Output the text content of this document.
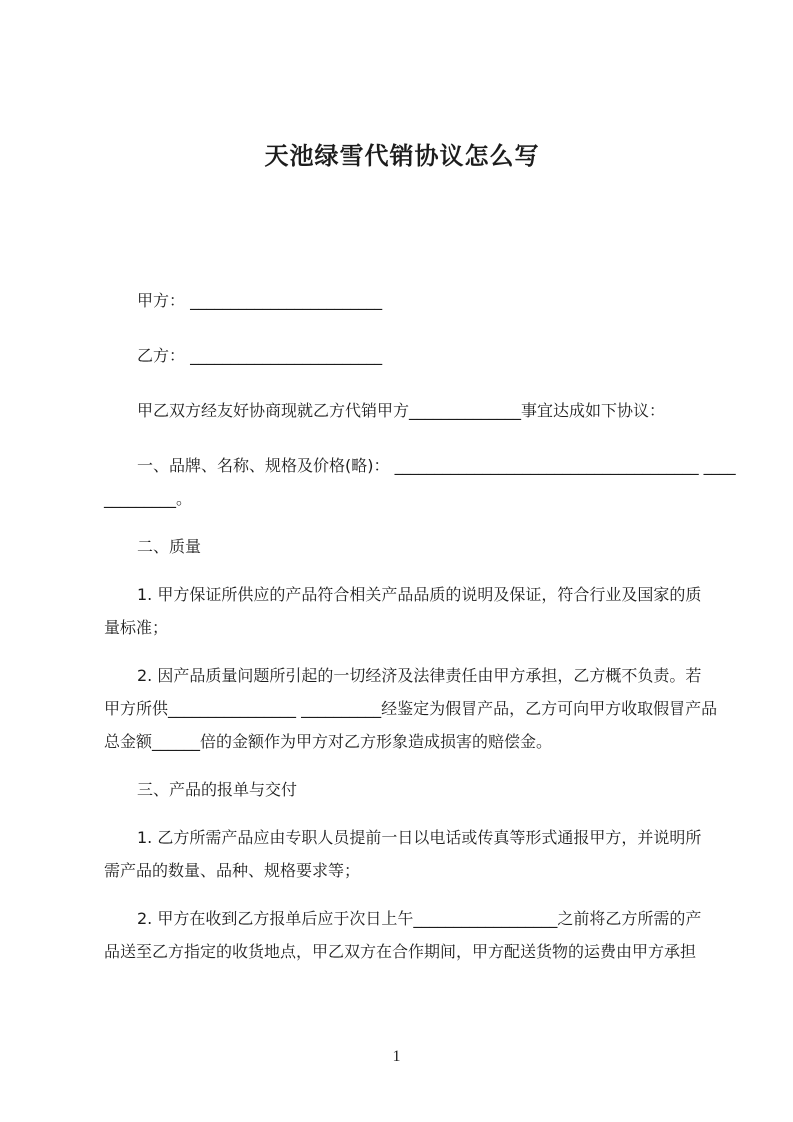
天池绿雪代销协议怎么写
甲方： ________________________
乙方： ________________________
甲乙双方经友好协商现就乙方代销甲方______________事宜达成如下协议：
一、品牌、名称、规格及价格(略)： ______________________________________ ____
_________。
二、质量
1. 甲方保证所供应的产品符合相关产品品质的说明及保证，符合行业及国家的质
量标准；
2. 因产品质量问题所引起的一切经济及法律责任由甲方承担，乙方概不负责。若
甲方所供________________ __________经鉴定为假冒产品，乙方可向甲方收取假冒产品
总金额______倍的金额作为甲方对乙方形象造成损害的赔偿金。
三、产品的报单与交付
1. 乙方所需产品应由专职人员提前一日以电话或传真等形式通报甲方，并说明所
需产品的数量、品种、规格要求等；
2. 甲方在收到乙方报单后应于次日上午__________________之前将乙方所需的产
品送至乙方指定的收货地点，甲乙双方在合作期间，甲方配送货物的运费由甲方承担
1
